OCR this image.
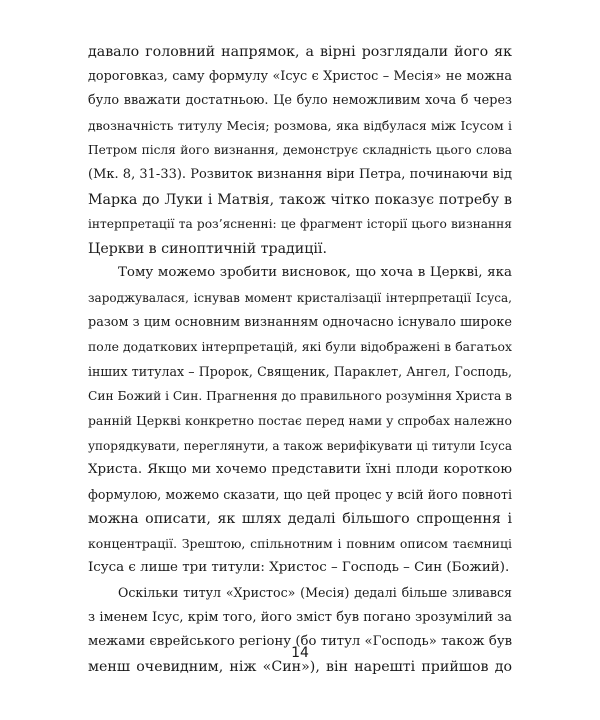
давало головний напрямок, а вірні розглядали його як
дороговказ, саму формулу «Ісус є Христос – Месія» не можна
було вважати достатньою. Це було неможливим хоча б через
двозначність титулу Месія; розмова, яка відбулася між Ісусом і
Петром після його визнання, демонструє складність цього слова
(Мк. 8, 31-33). Розвиток визнання віри Петра, починаючи від
Марка до Луки і Матвія, також чітко показує потребу в
інтерпретації та роз’ясненні: це фрагмент історії цього визнання
Церкви в синоптичній традиції.
Тому можемо зробити висновок, що хоча в Церкві, яка
зароджувалася, існував момент кристалізації інтерпретації Ісуса,
разом з цим основним визнанням одночасно існувало широке
поле додаткових інтерпретацій, які були відображені в багатьох
інших титулах – Пророк, Священик, Параклет, Ангел, Господь,
Син Божий і Син. Прагнення до правильного розуміння Христа в
ранній Церкві конкретно постає перед нами у спробах належно
упорядкувати, переглянути, а також верифікувати ці титули Ісуса
Христа. Якщо ми хочемо представити їхні плоди короткою
формулою, можемо сказати, що цей процес у всій його повноті
можна описати, як шлях дедалі більшого спрощення і
концентрації. Зрештою, спільнотним і повним описом таємниці
Ісуса є лише три титули: Христос – Господь – Син (Божий).
Оскільки титул «Христос» (Месія) дедалі більше зливався
з іменем Ісус, крім того, його зміст був погано зрозумілий за
межами єврейського регіону (бо титул «Господь» також був
менш очевидним, ніж «Син»), він нарешті прийшов до
14
